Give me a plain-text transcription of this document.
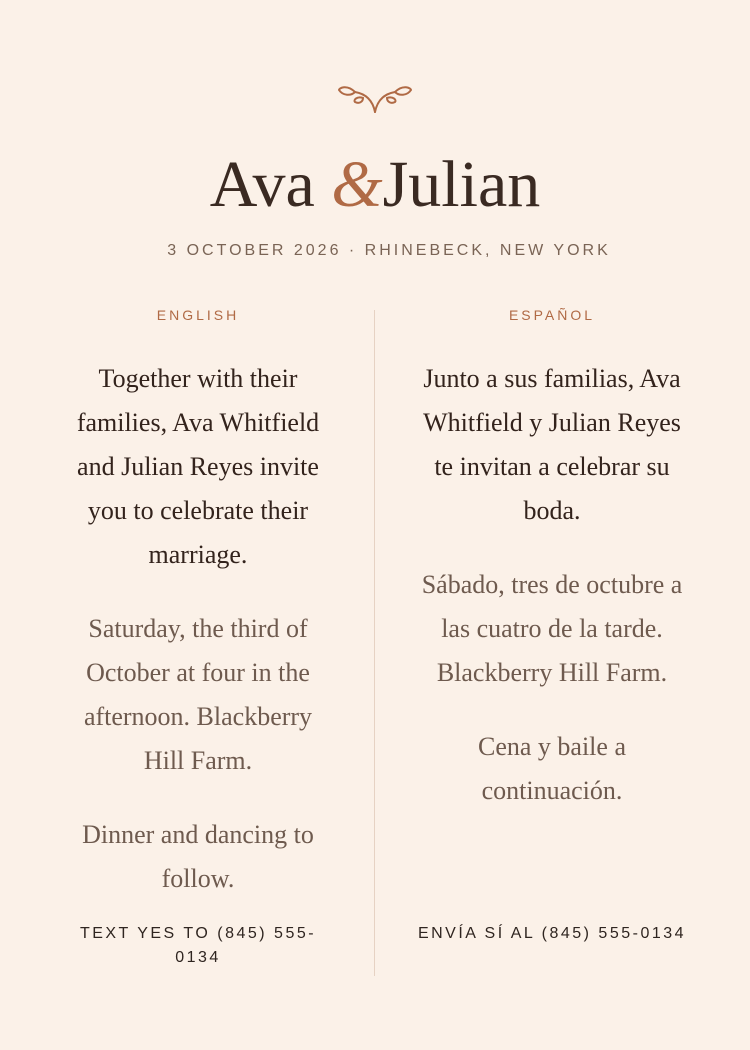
Ava &Julian
3 OCTOBER 2026 · RHINEBECK, NEW YORK

ENGLISH

Together with their families, Ava Whitfield and Julian Reyes invite you to celebrate their marriage.

Saturday, the third of October at four in the afternoon. Blackberry Hill Farm.

Dinner and dancing to follow.

ESPAÑOL

Junto a sus familias, Ava Whitfield y Julian Reyes te invitan a celebrar su boda.

Sábado, tres de octubre a las cuatro de la tarde. Blackberry Hill Farm.

Cena y baile a continuación.

TEXT YES TO (845) 555-0134
ENVÍA SÍ AL (845) 555-0134
